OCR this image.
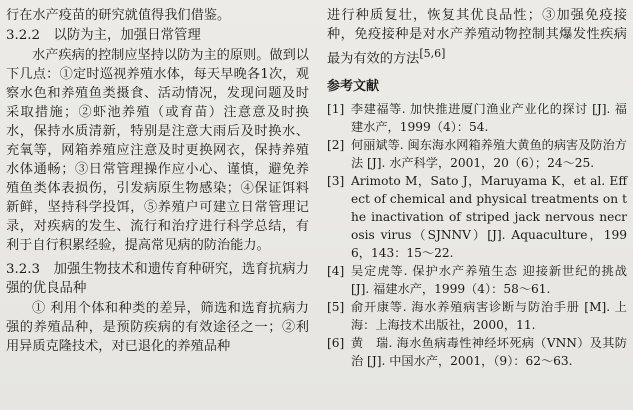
行在水产疫苗的研究就值得我们借鉴。
3.2.2　以防为主，加强日常管理
水产疾病的控制应坚持以防为主的原则。做到以下几点：①定时巡视养殖水体，每天早晚各1次，观察水色和养殖鱼类摄食、活动情况，发现问题及时采取措施；②虾池养殖（或育苗）注意意及时换水，保持水质清新，特别是注意大雨后及时换水、充氧等，网箱养殖应注意及时更换网衣，保持养殖水体通畅；③日常管理操作应小心、谨慎，避免养殖鱼类体表损伤，引发病原生物感染；④保证饵料新鲜，坚持科学投饵，⑤养殖户可建立日常管理记录，对疾病的发生、流行和治疗进行科学总结，有利于自行积累经验，提高常见病的防治能力。
3.2.3　加强生物技术和遗传育种研究，选育抗病力强的优良品种
① 利用个体和种类的差异，筛选和选育抗病力强的养殖品种，是预防疾病的有效途径之一；②利用异质克隆技术，对已退化的养殖品种
进行种质复壮，恢复其优良品性；③加强免疫接种，免疫接种是对水产养殖动物控制其爆发性疾病最为有效的方法[5,6]
参考文献
[1] 李建福等. 加快推进厦门渔业产业化的探讨 [J]. 福建水产，1999（4）：54.
[2] 何丽斌等. 闽东海水网箱养殖大黄鱼的病害及防治方法 [J]. 水产科学，2001，20（6）；24～25.
[3] Arimoto M，Sato J，Maruyama K，et al. Effect of chemical and physical treatments on the inactivation of striped jack nervous necrosis virus（SJNNV）[J]. Aquaculture，1996，143：15～22.
[4] 吴定虎等. 保护水产养殖生态 迎接新世纪的挑战 [J]. 福建水产，1999（4）：58～61.
[5] 俞开康等. 海水养殖病害诊断与防治手册 [M]. 上海：上海技术出版社，2000，11.
[6] 黄　瑞. 海水鱼病毒性神经坏死病（VNN）及其防治 [J]. 中国水产，2001，（9）：62～63.
